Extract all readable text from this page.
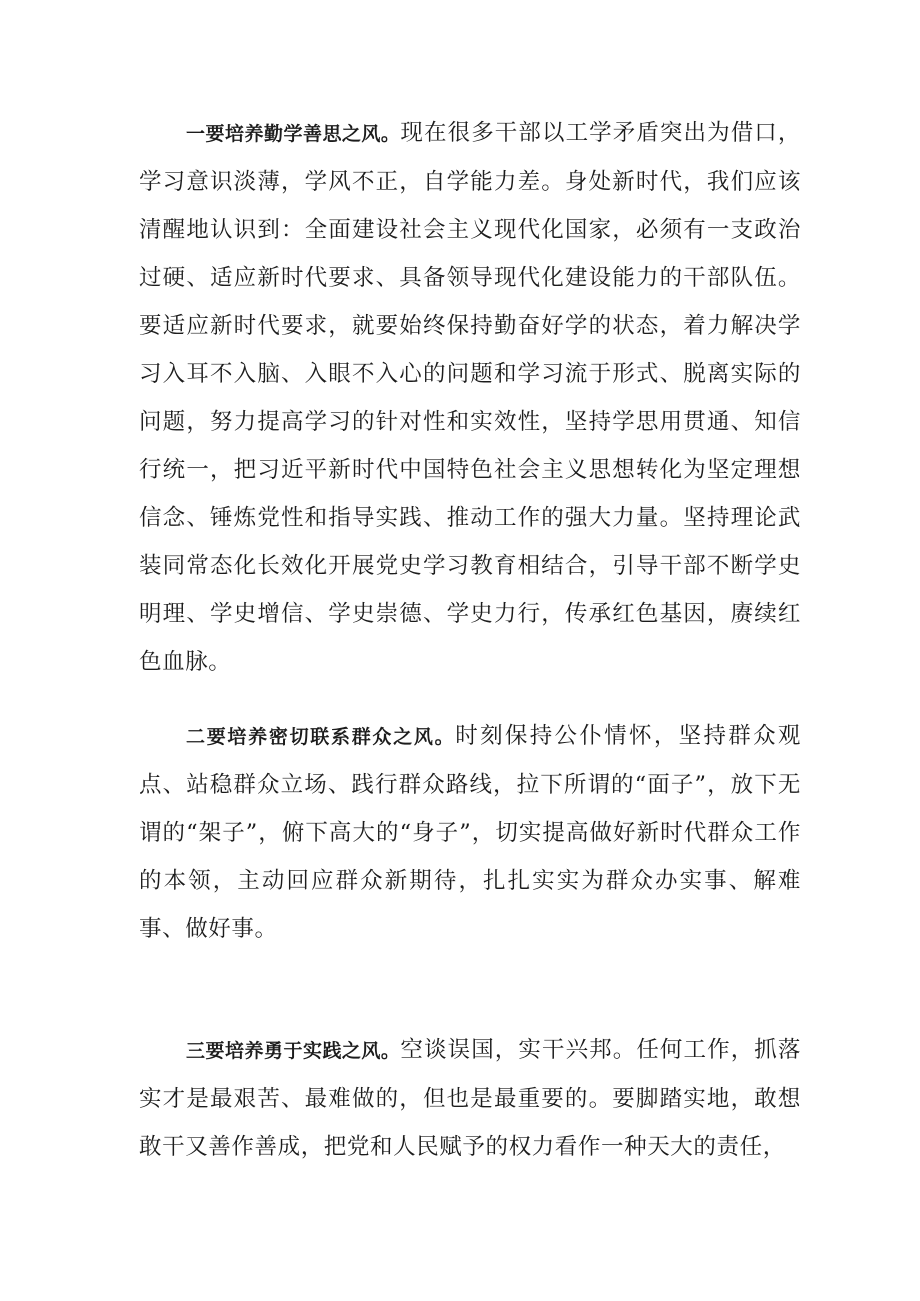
一要培养勤学善思之风。现在很多干部以工学矛盾突出为借口，学习意识淡薄，学风不正，自学能力差。身处新时代，我们应该清醒地认识到：全面建设社会主义现代化国家，必须有一支政治过硬、适应新时代要求、具备领导现代化建设能力的干部队伍。要适应新时代要求，就要始终保持勤奋好学的状态，着力解决学习入耳不入脑、入眼不入心的问题和学习流于形式、脱离实际的问题，努力提高学习的针对性和实效性，坚持学思用贯通、知信行统一，把习近平新时代中国特色社会主义思想转化为坚定理想信念、锤炼党性和指导实践、推动工作的强大力量。坚持理论武装同常态化长效化开展党史学习教育相结合，引导干部不断学史明理、学史增信、学史崇德、学史力行，传承红色基因，赓续红色血脉。

二要培养密切联系群众之风。时刻保持公仆情怀，坚持群众观点、站稳群众立场、践行群众路线，拉下所谓的“面子”，放下无谓的“架子”，俯下高大的“身子”，切实提高做好新时代群众工作的本领，主动回应群众新期待，扎扎实实为群众办实事、解难事、做好事。

三要培养勇于实践之风。空谈误国，实干兴邦。任何工作，抓落实才是最艰苦、最难做的，但也是最重要的。要脚踏实地，敢想敢干又善作善成，把党和人民赋予的权力看作一种天大的责任，
